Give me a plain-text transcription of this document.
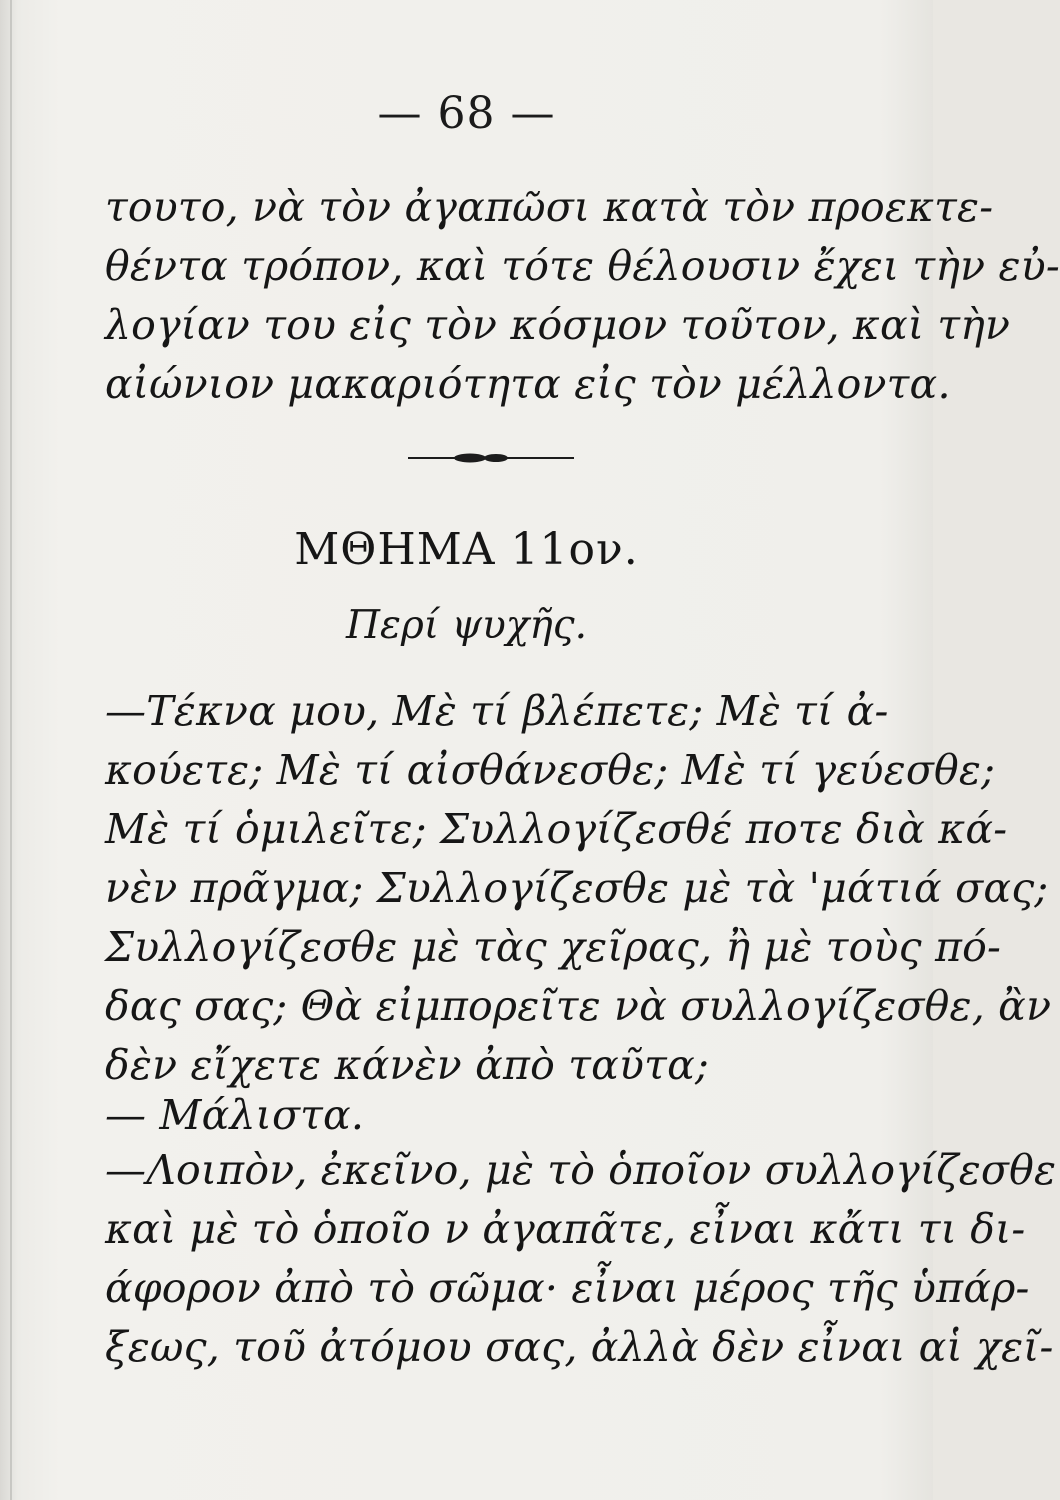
— 68 —

τουτο, νὰ τὸν ἀγαπῶσι κατὰ τὸν προεκτε-
θέντα τρόπον, καὶ τότε θέλουσιν ἔχει τὴν εὐ-
λογίαν του εἰς τὸν κόσμον τοῦτον, καὶ τὴν
αἰώνιον μακαριότητα εἰς τὸν μέλλοντα.

ΜΘΗΜΑ 11ον.
Περί ψυχῆς.

—Τέκνα μου, Μὲ τί βλέπετε; Μὲ τί ἀ-
κούετε; Μὲ τί αἰσθάνεσθε; Μὲ τί γεύεσθε;
Μὲ τί ὁμιλεῖτε; Συλλογίζεσθέ ποτε διὰ κά-
νὲν πρᾶγμα; Συλλογίζεσθε μὲ τὰ 'μάτιά σας;
Συλλογίζεσθε μὲ τὰς χεῖρας, ἢ μὲ τοὺς πό-
δας σας; Θὰ εἰμπορεῖτε νὰ συλλογίζεσθε, ἂν
δὲν εἴχετε κάνὲν ἀπὸ ταῦτα;

— Μάλιστα.

—Λοιπὸν, ἐκεῖνο, μὲ τὸ ὁποῖον συλλογίζεσθε
καὶ μὲ τὸ ὁποῖο ν ἀγαπᾶτε, εἶναι κἄτι τι δι-
άφορον ἀπὸ τὸ σῶμα· εἶναι μέρος τῆς ὑπάρ-
ξεως, τοῦ ἀτόμου σας, ἀλλὰ δὲν εἶναι αἱ χεῖ-
